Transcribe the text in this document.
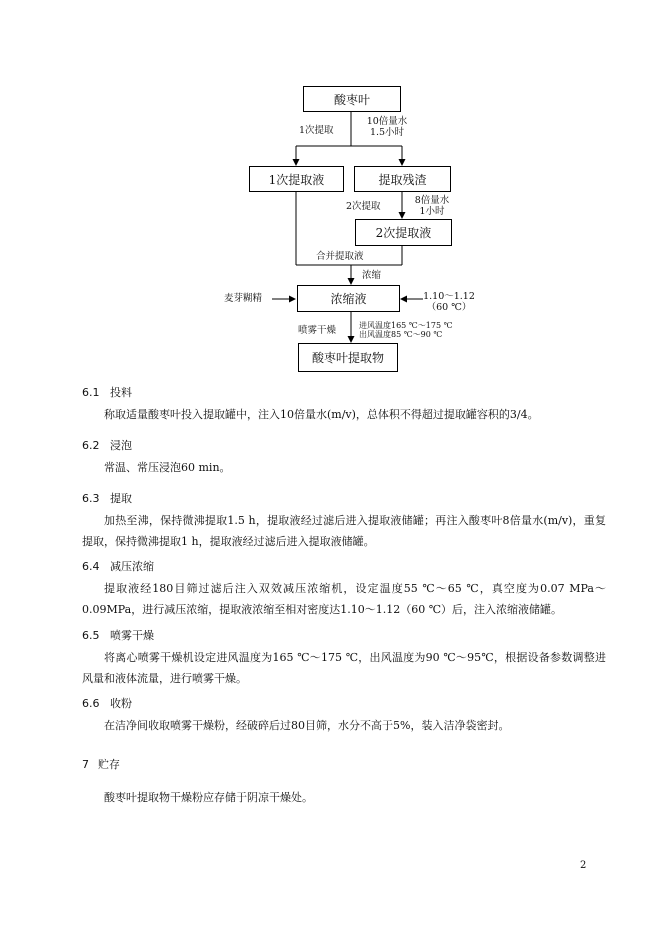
酸枣叶
1次提取
10倍量水
1.5小时
1次提取液	提取残渣
2次提取
8倍量水
1小时
2次提取液
合并提取液
浓缩
麦芽糊精	浓缩液	1.10～1.12
（60 ℃）
喷雾干燥	进风温度165 ℃～175 ℃
出风温度85 ℃～90 ℃
酸枣叶提取物
6.1 投料
称取适量酸枣叶投入提取罐中，注入10倍量水(m/v)，总体积不得超过提取罐容积的3/4。
6.2 浸泡
常温、常压浸泡60 min。
6.3 提取
加热至沸，保持微沸提取1.5 h，提取液经过滤后进入提取液储罐；再注入酸枣叶8倍量水(m/v)，重复提取，保持微沸提取1 h，提取液经过滤后进入提取液储罐。
6.4 减压浓缩
提取液经180目筛过滤后注入双效减压浓缩机，设定温度55 ℃～65 ℃，真空度为0.07 MPa～0.09MPa，进行减压浓缩，提取液浓缩至相对密度达1.10～1.12（60 ℃）后，注入浓缩液储罐。
6.5 喷雾干燥
将离心喷雾干燥机设定进风温度为165 ℃～175 ℃，出风温度为90 ℃～95℃，根据设备参数调整进风量和液体流量，进行喷雾干燥。
6.6 收粉
在洁净间收取喷雾干燥粉，经破碎后过80目筛，水分不高于5%，装入洁净袋密封。
7 贮存
酸枣叶提取物干燥粉应存储于阴凉干燥处。
2
